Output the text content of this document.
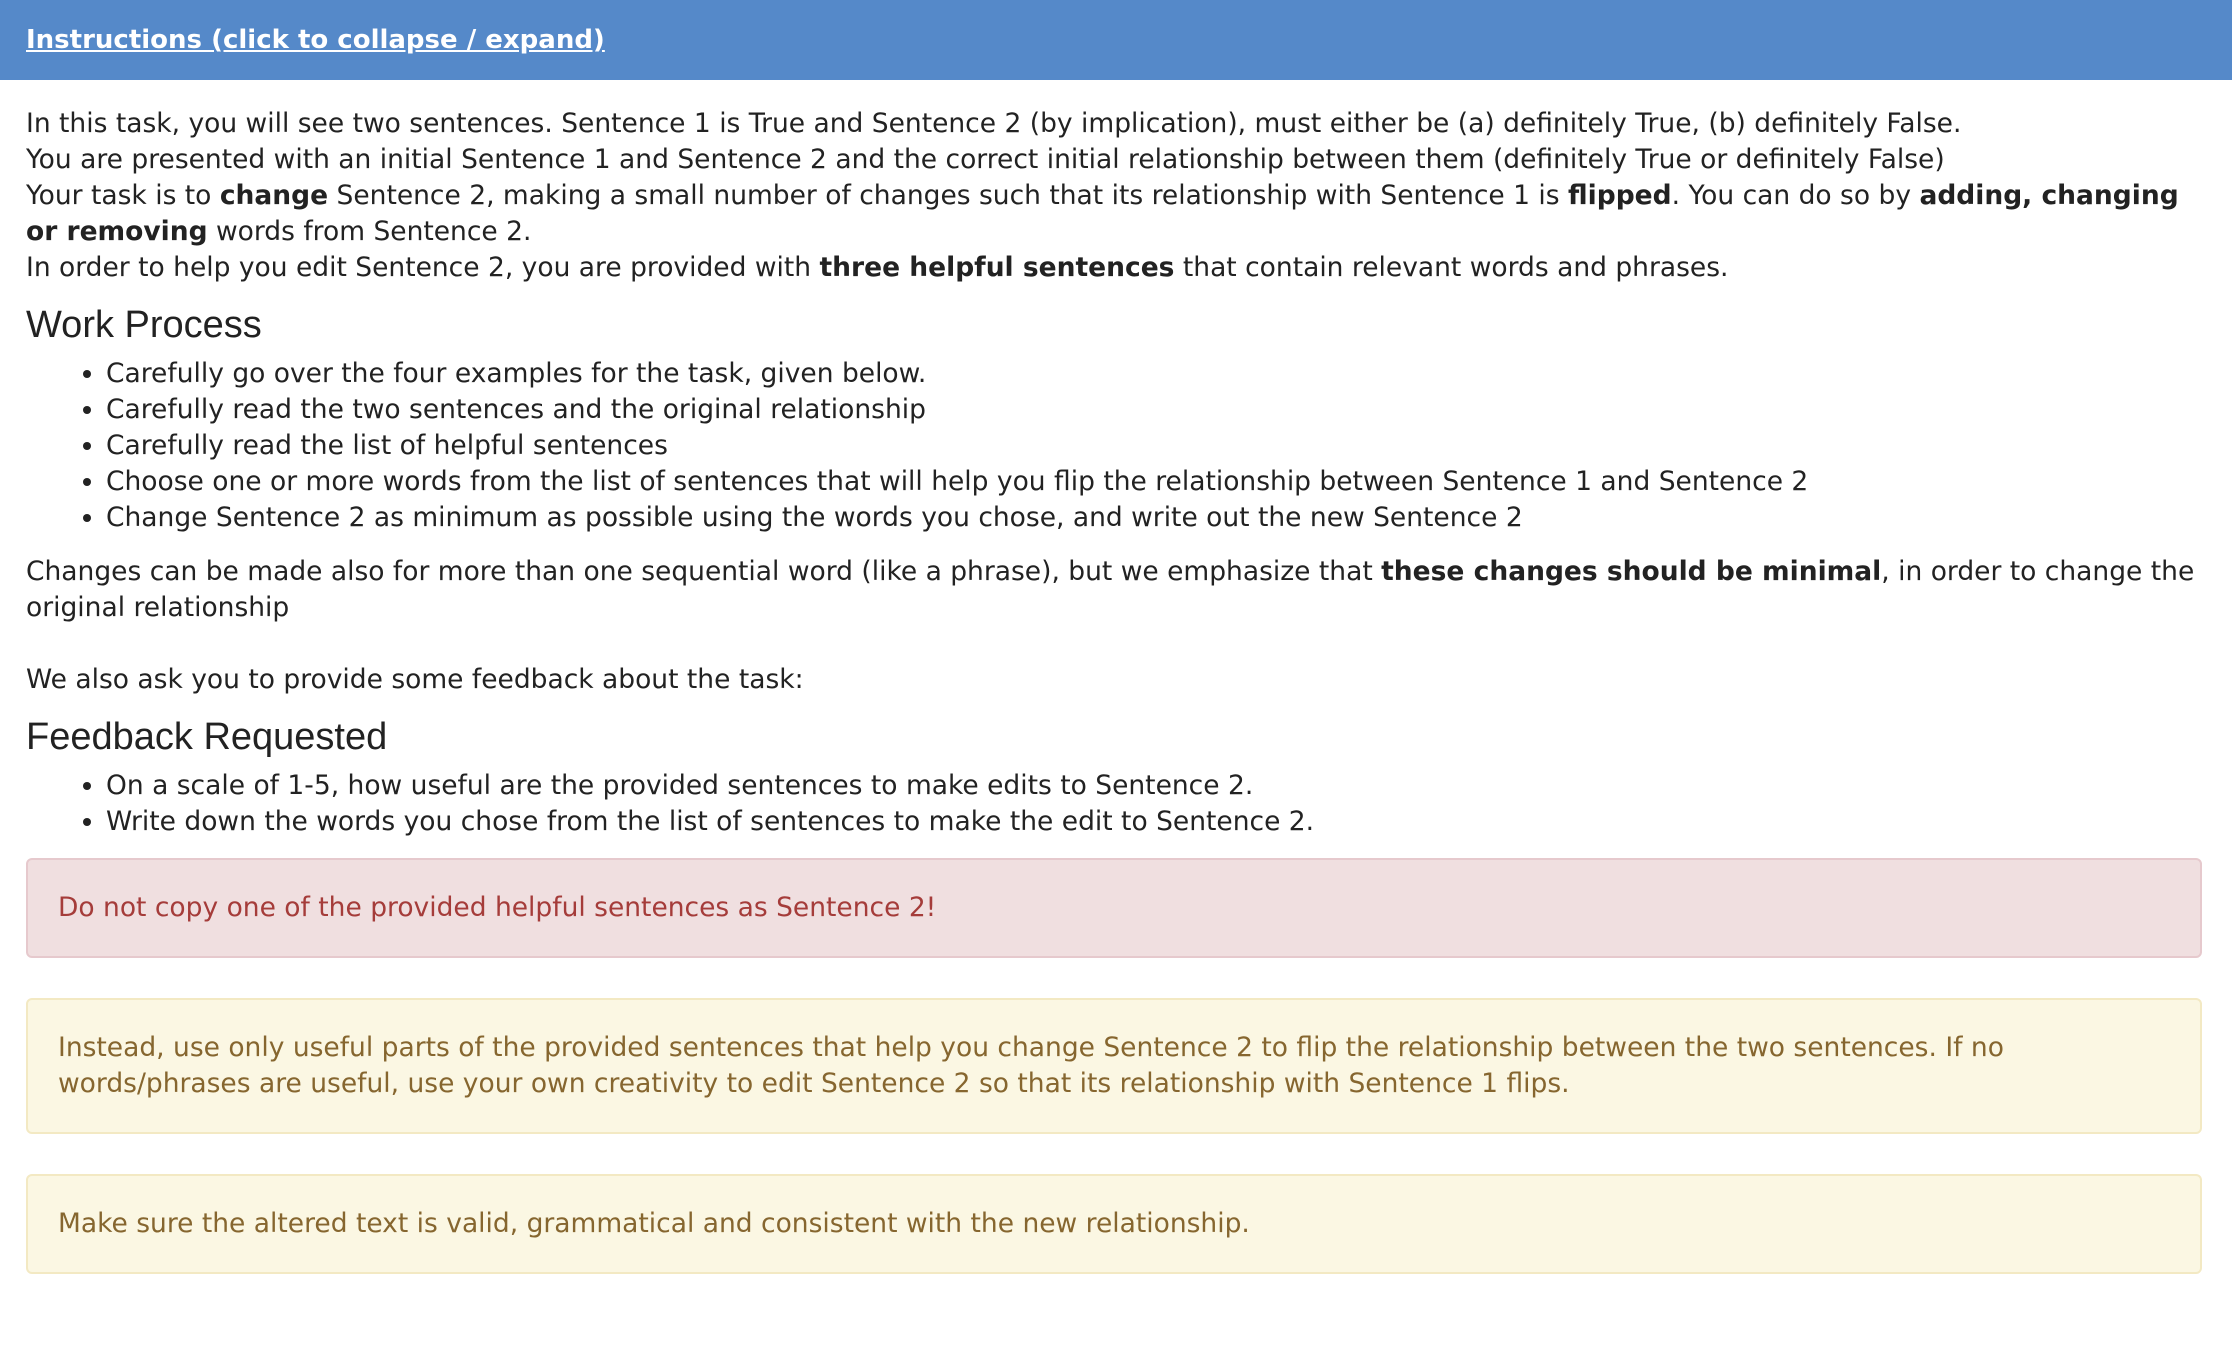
Instructions (click to collapse / expand)

In this task, you will see two sentences. Sentence 1 is True and Sentence 2 (by implication), must either be (a) definitely True, (b) definitely False.

You are presented with an initial Sentence 1 and Sentence 2 and the correct initial relationship between them (definitely True or definitely False)

Your task is to change Sentence 2, making a small number of changes such that its relationship with Sentence 1 is flipped. You can do so by adding, changing or removing words from Sentence 2.

In order to help you edit Sentence 2, you are provided with three helpful sentences that contain relevant words and phrases.

Work Process
• Carefully go over the four examples for the task, given below.
• Carefully read the two sentences and the original relationship
• Carefully read the list of helpful sentences
• Choose one or more words from the list of sentences that will help you flip the relationship between Sentence 1 and Sentence 2
• Change Sentence 2 as minimum as possible using the words you chose, and write out the new Sentence 2

Changes can be made also for more than one sequential word (like a phrase), but we emphasize that these changes should be minimal, in order to change the original relationship

We also ask you to provide some feedback about the task:

Feedback Requested
• On a scale of 1-5, how useful are the provided sentences to make edits to Sentence 2.
• Write down the words you chose from the list of sentences to make the edit to Sentence 2.
Do not copy one of the provided helpful sentences as Sentence 2!
Instead, use only useful parts of the provided sentences that help you change Sentence 2 to flip the relationship between the two sentences. If no words/phrases are useful, use your own creativity to edit Sentence 2 so that its relationship with Sentence 1 flips.
Make sure the altered text is valid, grammatical and consistent with the new relationship.
